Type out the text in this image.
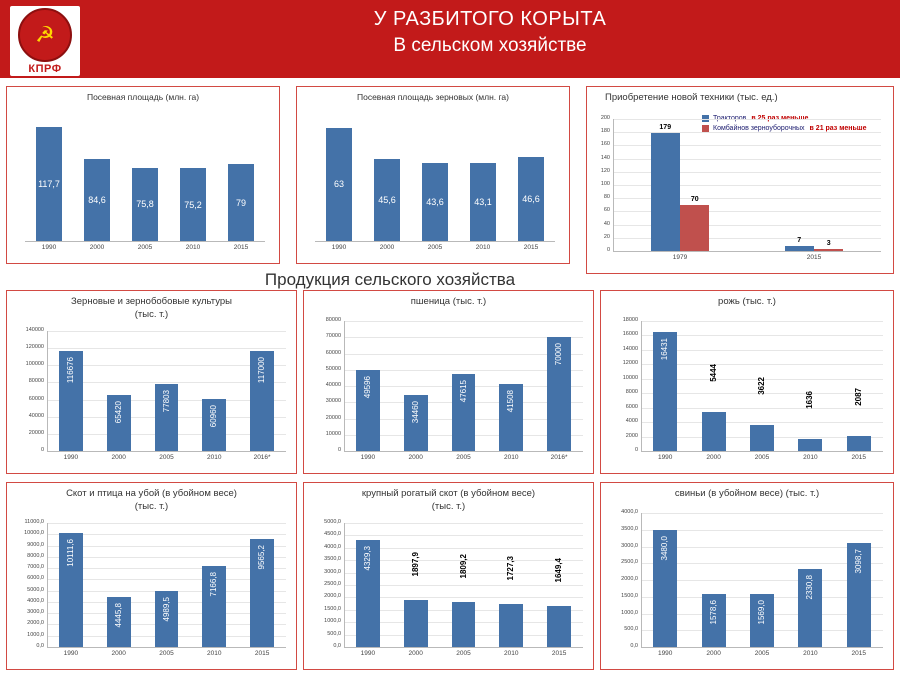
☭
КПРФ
У РАЗБИТОГО КОРЫТА
В сельском хозяйстве
Посевная площадь (млн. га)
117,7
1990
84,6
2000
75,8
2005
75,2
2010
79
2015
Посевная площадь зерновых (млн. га)
63
1990
45,6
2000
43,6
2005
43,1
2010
46,6
2015
Приобретение новой техники (тыс. ед.)
Комбайнов зерноуборочных в 21 раз меньше
0
20
40
60
80
100
120
140
160
180
200
179
70
1979
7	3
2015
Продукция сельского хозяйства
Зерновые и зернобобовые культуры
(тыс. т.)
0
20000
40000
60000
80000
100000
120000
140000
116676
1990
65420
2000
77803
2005
60960
2010
117000
2016*
пшеница (тыс. т.)
0
10000
20000
30000
40000
50000
60000
70000
80000
49596
1990
34460
2000
47615
2005
41508
2010
70000
2016*
рожь (тыс. т.)
0
2000
4000
6000
8000
10000
12000
14000
16000
18000
16431
1990
5444
2000
3622
2005
1636
2010
2087
2015
Скот и птица на убой (в убойном весе)
(тыс. т.)
0,0
1000,0
2000,0
3000,0
4000,0
5000,0
6000,0
7000,0
8000,0
9000,0
10000,0
11000,0
10111,6
1990
4445,8
2000
4989,5
2005
7166,8
2010
9565,2
2015
крупный рогатый скот (в убойном весе)
(тыс. т.)
0,0
500,0
1000,0
1500,0
2000,0
2500,0
3000,0
3500,0
4000,0
4500,0
5000,0
4329,3
1990
1897,9
2000
1809,2
2005
1727,3
2010
1649,4
2015
свиньи (в убойном весе) (тыс. т.)
0,0
500,0
1000,0
1500,0
2000,0
2500,0
3000,0
3500,0
4000,0
3480,0
1990
1578,6
2000
1569,0
2005
2330,8
2010
3098,7
2015
